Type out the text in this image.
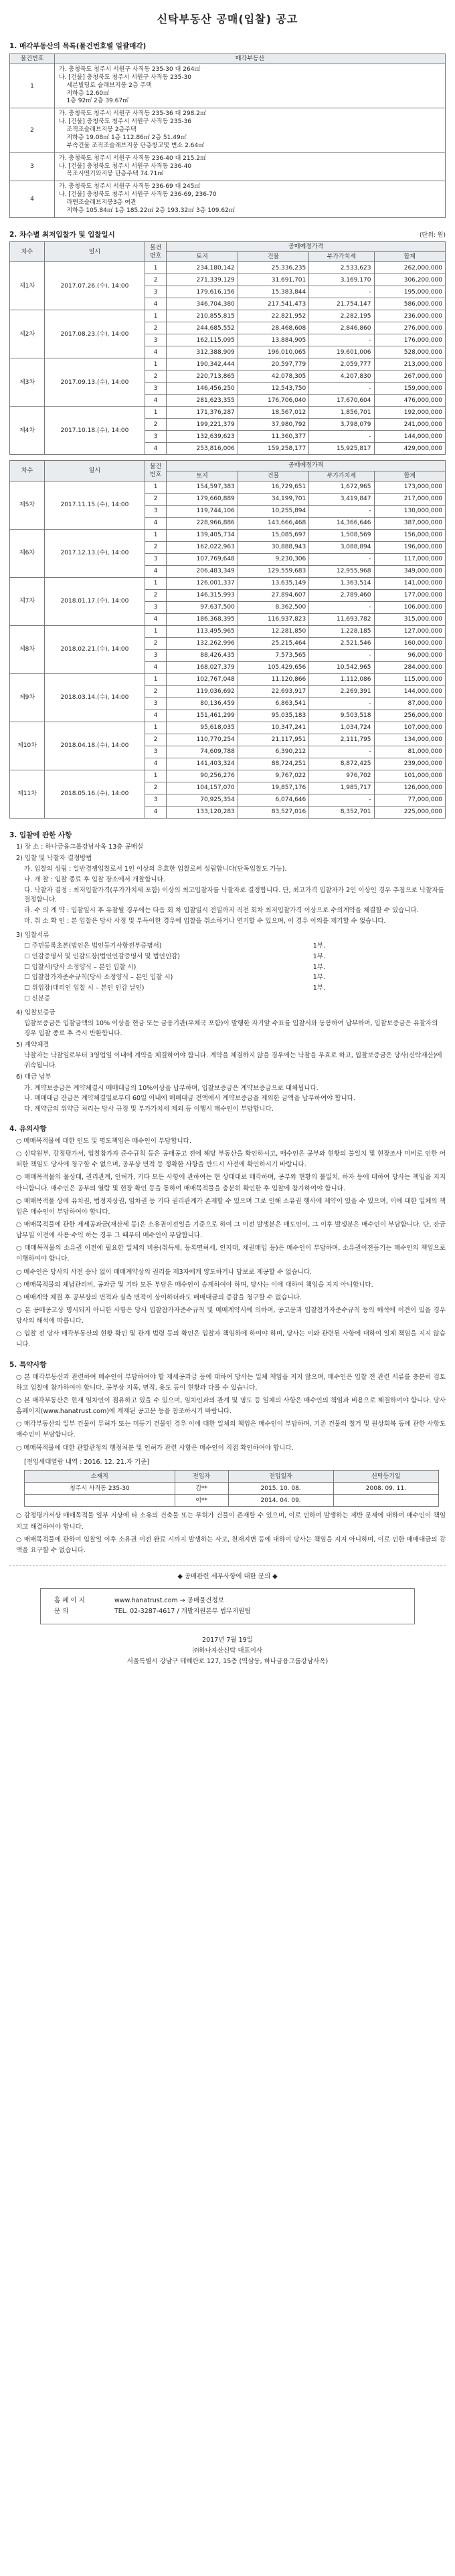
신탁부동산 공매(입찰) 공고
1. 매각부동산의 목록(물건번호별 일괄매각)
물건번호	매각부동산
1	가. 충청북도 청주시 서원구 사직동 235-30 대 264㎡
나. [건물] 충청북도 청주시 서원구 사직동 235-30
세븐빌딩로 슬래브지붕 2층 주택
지하층 12.60㎡
1층 92㎡ 2층 39.67㎡

2	가. 충청북도 청주시 서원구 사직동 235-36 대 298.2㎡
나. [건물] 충청북도 청주시 서원구 사직동 235-36
조적조슬래브지붕 2층주택
지하층 19.08㎡ 1층 112.86㎡ 2층 51.49㎡
부속건물 조적조슬래브지붕 단층창고및 변소 2.64㎡

3	가. 충청북도 청주시 서원구 사직동 236-40 대 215.2㎡
나. [건물] 충청북도 청주시 서원구 사직동 236-40
목조시멘기와지붕 단층주택 74.71㎡

4	가. 충청북도 청주시 서원구 사직동 236-69 대 245㎡
나. [건물] 충청북도 청주시 서원구 사직동 236-69, 236-70
라멘조슬래브지붕3층 여관
지하층 105.84㎡ 1층 185.22㎡ 2층 193.32㎡ 3층 109.62㎡
2. 차수별 최저입찰가 및 입찰일시	(단위: 원)
차수	일시	물건번호	공매예정가격			
			토지	건물	부가가치세	합계
제1차	2017.07.26.(수), 14:00	1	234,180,142	25,336,235	2,533,623	262,000,000
		2	271,339,129	31,691,701	3,169,170	306,200,000
		3	179,616,156	15,383,844	-	195,000,000
		4	346,704,380	217,541,473	21,754,147	586,000,000
제2차	2017.08.23.(수), 14:00	1	210,855,815	22,821,952	2,282,195	236,000,000
		2	244,685,552	28,468,608	2,846,860	276,000,000
		3	162,115,095	13,884,905	-	176,000,000
		4	312,388,909	196,010,065	19,601,006	528,000,000
제3차	2017.09.13.(수), 14:00	1	190,342,444	20,597,779	2,059,777	213,000,000
		2	220,713,865	42,078,305	4,207,830	267,000,000
		3	146,456,250	12,543,750	-	159,000,000
		4	281,623,355	176,706,040	17,670,604	476,000,000
제4차	2017.10.18.(수), 14:00	1	171,376,287	18,567,012	1,856,701	192,000,000
		2	199,221,379	37,980,792	3,798,079	241,000,000
		3	132,639,623	11,360,377	-	144,000,000
		4	253,816,006	159,258,177	15,925,817	429,000,000
차수	일시	물건번호	공매예정가격			
			토지	건물	부가가치세	합계
제5차	2017.11.15.(수), 14:00	1	154,597,383	16,729,651	1,672,965	173,000,000
		2	179,660,889	34,199,701	3,419,847	217,000,000
		3	119,744,106	10,255,894	-	130,000,000
		4	228,966,886	143,666,468	14,366,646	387,000,000
제6차	2017.12.13.(수), 14:00	1	139,405,734	15,085,697	1,508,569	156,000,000
		2	162,022,963	30,888,943	3,088,894	196,000,000
		3	107,769,648	9,230,306	-	117,000,000
		4	206,483,349	129,559,683	12,955,968	349,000,000
제7차	2018.01.17.(수), 14:00	1	126,001,337	13,635,149	1,363,514	141,000,000
		2	146,315,993	27,894,607	2,789,460	177,000,000
		3	97,637,500	8,362,500	-	106,000,000
		4	186,368,395	116,937,823	11,693,782	315,000,000
제8차	2018.02.21.(수), 14:00	1	113,495,965	12,281,850	1,228,185	127,000,000
		2	132,262,996	25,215,464	2,521,546	160,000,000
		3	88,426,435	7,573,565	-	96,000,000
		4	168,027,379	105,429,656	10,542,965	284,000,000
제9차	2018.03.14.(수), 14:00	1	102,767,048	11,120,866	1,112,086	115,000,000
		2	119,036,692	22,693,917	2,269,391	144,000,000
		3	80,136,459	6,863,541	-	87,000,000
		4	151,461,299	95,035,183	9,503,518	256,000,000
제10차	2018.04.18.(수), 14:00	1	95,618,035	10,347,241	1,034,724	107,000,000
		2	110,770,254	21,117,951	2,111,795	134,000,000
		3	74,609,788	6,390,212	-	81,000,000
		4	141,403,324	88,724,251	8,872,425	239,000,000
제11차	2018.05.16.(수), 14:00	1	90,256,276	9,767,022	976,702	101,000,000
		2	104,157,070	19,857,176	1,985,717	126,000,000
		3	70,925,354	6,074,646	-	77,000,000
		4	133,120,283	83,527,016	8,352,701	225,000,000
3. 입찰에 관한 사항
1) 장 소 : 하나금융그룹강남사옥 13층 공매실
2) 입찰 및 낙찰자 결정방법
가. 입찰의 성립 : 일반경쟁입찰로서 1인 이상의 유효한 입찰로써 성립합니다(단독입찰도 가능).
나. 개 찰 : 입찰 종료 후 입찰 장소에서 개찰합니다.
다. 낙찰자 결정 : 최저입찰가격(부가가치세 포함) 이상의 최고입찰자를 낙찰자로 결정합니다. 단, 최고가격 입찰자가 2인 이상인 경우 추첨으로 낙찰자를 결정합니다.
라. 수 의 계 약 : 입찰일시 후 유찰될 경우에는 다음 회 차 입찰일시 전일까지 직전 회차 최저입찰가격 이상으로 수의계약을 체결할 수 있습니다.
마. 취 소 확 인 : 본 입찰은 당사 사정 및 부득이한 경우에 입찰을 취소하거나 연기할 수 있으며, 이 경우 이의를 제기할 수 없습니다.
3) 입찰서류
☐ 주민등록초본(법인은 법인등기사항전부증명서)	1부.
☐ 인감증명서 및 인감도장(법인인감증명서 및 법인인감)	1부.
☐ 입찰서(당사 소정양식 – 본인 입찰 시)	1부.
☐ 입찰참가자준수규칙(당사 소정양식 – 본인 입찰 시)	1부.
☐ 위임장(대리인 입찰 시 – 본인 인감 날인)	1부.
☐ 신분증
4) 입찰보증금
입찰보증금은 입찰금액의 10% 이상을 현금 또는 금융기관(우체국 포함)이 발행한 자기앞 수표를 입찰서와 동봉하여 납부하며, 입찰보증금은 유찰자의 경우 입찰 종료 후 즉시 반환합니다.
5) 계약체결
낙찰자는 낙찰일로부터 3영업일 이내에 계약을 체결하여야 합니다. 계약을 체결하지 않을 경우에는 낙찰을 무효로 하고, 입찰보증금은 당사(신탁재산)에 귀속됩니다.
6) 대금 납부
가. 계약보증금은 계약체결시 매매대금의 10%이상을 납부하며, 입찰보증금은 계약보증금으로 대체됩니다.
나. 매매대금 잔금은 계약체결일로부터 60일 이내에 매매대금 전액에서 계약보증금을 제외한 금액을 납부하여야 합니다.
다. 계약금의 위약금 처리는 당사 규정 및 부가가치세 제외 등 이행시 매수인이 부담합니다.
4. 유의사항
○ 매매목적물에 대한 인도 및 명도책임은 매수인이 부담합니다.
○ 신탁원부, 감정평가서, 입찰참가자 준수규칙 등은 공매공고 전에 해당 부동산을 확인하시고, 매수인은 공부와 현황의 불일치 및 현장조사 미비로 인한 어떠한 책임도 당사에 청구할 수 없으며, 공부상 면적 등 정확한 사항을 반드시 사전에 확인하시기 바랍니다.
○ 매매목적물의 물상태, 권리관계, 인허가, 기타 모든 사항에 관하여는 현 상태대로 매각하며, 공부와 현황의 불일치, 하자 등에 대하여 당사는 책임을 지지 아니합니다. 매수인은 공부의 열람 및 현장 확인 등을 통하여 매매목적물을 충분히 확인한 후 입찰에 참가하여야 합니다.
○ 매매목적물 상에 유치권, 법정지상권, 임차권 등 기타 권리관계가 존재할 수 있으며 그로 인해 소유권 행사에 제약이 있을 수 있으며, 이에 대한 일체의 책임은 매수인이 부담하여야 합니다.
○ 매매목적물에 관한 제세공과금(재산세 등)은 소유권이전일을 기준으로 하여 그 이전 발생분은 매도인이, 그 이후 발생분은 매수인이 부담합니다. 단, 잔금 납부일 이전에 사용·수익 하는 경우 그 때부터 매수인이 부담합니다.
○ 매매목적물의 소유권 이전에 필요한 일체의 비용(취득세, 등록면허세, 인지대, 채권매입 등)은 매수인이 부담하며, 소유권이전등기는 매수인의 책임으로 이행하여야 합니다.
○ 매수인은 당사의 사전 승낙 없이 매매계약상의 권리를 제3자에게 양도하거나 담보로 제공할 수 없습니다.
○ 매매목적물의 체납관리비, 공과금 및 기타 모든 부담은 매수인이 승계하여야 하며, 당사는 이에 대하여 책임을 지지 아니합니다.
○ 매매계약 체결 후 공부상의 면적과 실측 면적이 상이하더라도 매매대금의 증감을 청구할 수 없습니다.
○ 본 공매공고상 명시되지 아니한 사항은 당사 입찰참가자준수규칙 및 매매계약서에 의하며, 공고문과 입찰참가자준수규칙 등의 해석에 이견이 있을 경우 당사의 해석에 따릅니다.
○ 입찰 전 당사 매각부동산의 현황 확인 및 관계 법령 등의 확인은 입찰자 책임하에 하여야 하며, 당사는 이와 관련된 사항에 대하여 일체 책임을 지지 않습니다.
5. 특약사항
○ 본 매각부동산과 관련하여 매수인이 부담하여야 할 제세공과금 등에 대하여 당사는 일체 책임을 지지 않으며, 매수인은 입찰 전 관련 서류를 충분히 검토하고 입찰에 참가하여야 합니다. 공부상 지목, 면적, 용도 등이 현황과 다를 수 있습니다.
○ 본 매각부동산은 현재 임차인이 점유하고 있을 수 있으며, 임차인과의 관계 및 명도 등 일체의 사항은 매수인의 책임과 비용으로 해결하여야 합니다. 당사 홈페이지(www.hanatrust.com)에 게재된 공고문 등을 참조하시기 바랍니다.
○ 매각부동산의 일부 건물이 무허가 또는 미등기 건물인 경우 이에 대한 일체의 책임은 매수인이 부담하며, 기존 건물의 철거 및 원상회복 등에 관한 사항도 매수인이 부담합니다.
○ 매매목적물에 대한 관할관청의 행정처분 및 인허가 관련 사항은 매수인이 직접 확인하여야 합니다.
[전입세대열람 내역 : 2016. 12. 21.자 기준]
소재지	전입자	전입일자	신탁등기일
청주시 사직동 235-30	김**	2015. 10. 08.	2008. 09. 11.
	이**	2014. 04. 09.	
○ 감정평가서상 매매목적물 일부 지상에 타 소유의 건축물 또는 무허가 건물이 존재할 수 있으며, 이로 인하여 발생하는 제반 문제에 대하여 매수인이 책임지고 해결하여야 합니다.
○ 매매목적물에 관하여 입찰일 이후 소유권 이전 완료 시까지 발생하는 사고, 천재지변 등에 대하여 당사는 책임을 지지 아니하며, 이로 인한 매매대금의 감액을 요구할 수 없습니다.
◆ 공매관련 세부사항에 대한 문의 ◆
홈 페 이 지	www.hanatrust.com → 공매물건정보
문 의	TEL. 02-3287-4617 / 개발지원본부 법무지원팀
2017년 7월 19일
㈜하나자산신탁 대표이사
서울특별시 강남구 테헤란로 127, 15층 (역삼동, 하나금융그룹강남사옥)
